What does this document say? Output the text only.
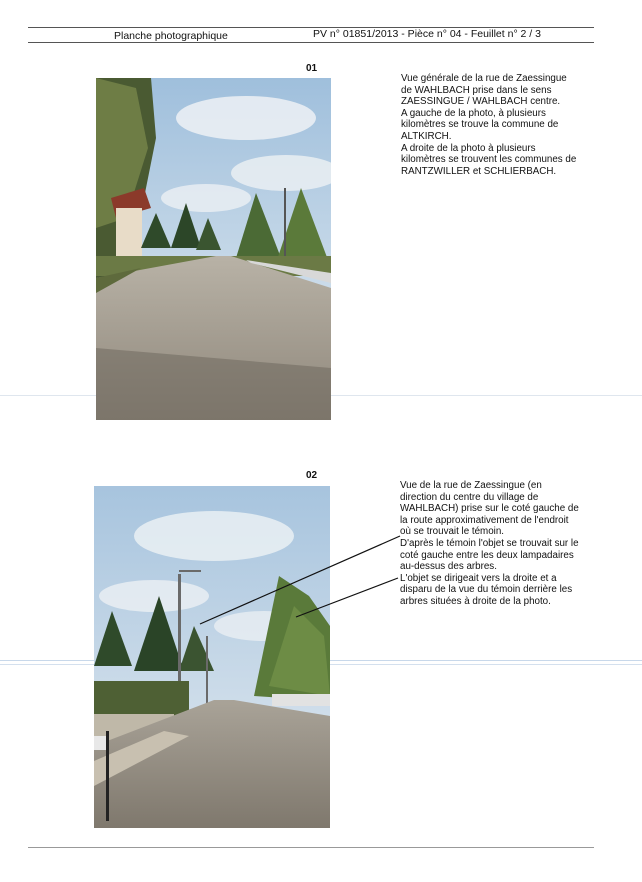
Planche photographique	PV n° 01851/2013 - Pièce n° 04 - Feuillet n° 2 / 3
01

Vue générale de la rue de Zaessingue

de WAHLBACH prise dans le sens

ZAESSINGUE / WAHLBACH centre.

A gauche de la photo, à plusieurs

kilomètres se trouve la commune de

ALTKIRCH.

A droite de la photo à plusieurs

kilomètres se trouvent les communes de

RANTZWILLER et SCHLIERBACH.

02

Vue de la rue de Zaessingue (en

direction du centre du village de

WAHLBACH) prise sur le coté gauche de

la route approximativement de l'endroit

où se trouvait le témoin.

D'après le témoin l'objet se trouvait sur le

coté gauche entre les deux lampadaires

au-dessus des arbres.

L'objet se dirigeait vers la droite et a

disparu de la vue du témoin derrière les

arbres situées à droite de la photo.
